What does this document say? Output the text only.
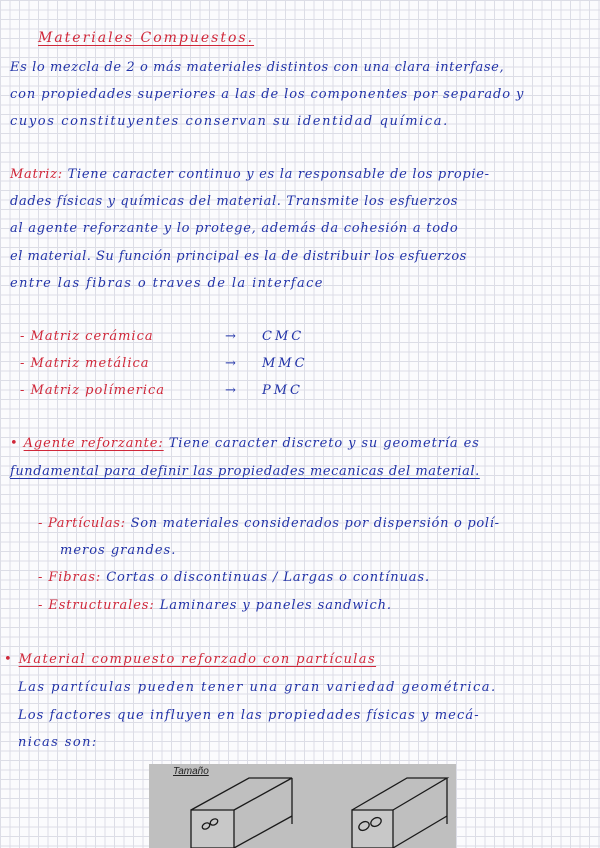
Materiales Compuestos.
Es lo mezcla de 2 o más materiales distintos con una clara interfase,
con propiedades superiores a las de los componentes por separado y
cuyos constituyentes conservan su identidad química.
Matriz: Tiene caracter continuo y es la responsable de los propie-
dades físicas y químicas del material. Transmite los esfuerzos
al agente reforzante y lo protege, además da cohesión a todo
el material. Su función principal es la de distribuir los esfuerzos
entre las fibras o traves de la interface
- Matriz cerámica	→	CMC
- Matriz metálica	→	MMC
- Matriz polímerica	→	PMC
• Agente reforzante: Tiene caracter discreto y su geometría es
fundamental para definir las propiedades mecanicas del material.
- Partículas: Son materiales considerados por dispersión o polí-
meros grandes.
- Fibras: Cortas o discontinuas / Largas o contínuas.
- Estructurales: Laminares y paneles sandwich.
• Material compuesto reforzado con partículas
Las partículas pueden tener una gran variedad geométrica.
Los factores que influyen en las propiedades físicas y mecá-
nicas son:
Tamaño
